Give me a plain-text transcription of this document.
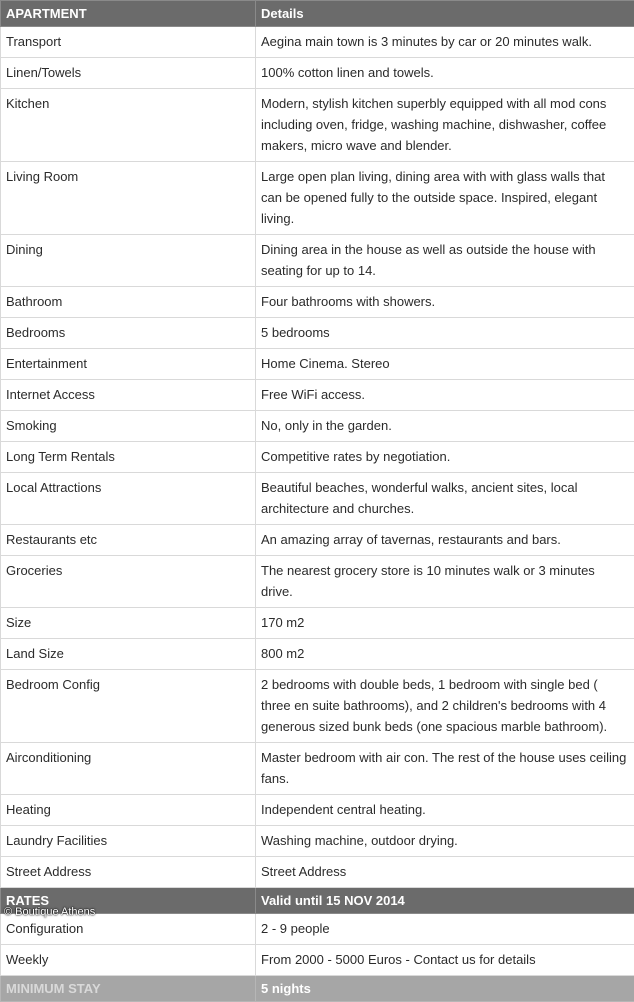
APARTMENT	Details
Transport	Aegina main town is 3 minutes by car or 20 minutes walk.
Linen/Towels	100% cotton linen and towels.
Kitchen	Modern, stylish kitchen superbly equipped with all mod cons including oven, fridge, washing machine, dishwasher, coffee makers, micro wave and blender.
Living Room	Large open plan living, dining area with with glass walls that can be opened fully to the outside space. Inspired, elegant living.
Dining	Dining area in the house as well as outside the house with seating for up to 14.
Bathroom	Four bathrooms with showers.
Bedrooms	5 bedrooms
Entertainment	Home Cinema. Stereo
Internet Access	Free WiFi access.
Smoking	No, only in the garden.
Long Term Rentals	Competitive rates by negotiation.
Local Attractions	Beautiful beaches, wonderful walks, ancient sites, local architecture and churches.
Restaurants etc	An amazing array of tavernas, restaurants and bars.
Groceries	The nearest grocery store is 10 minutes walk or 3 minutes drive.
Size	170 m2
Land Size	800 m2
Bedroom Config	2 bedrooms with double beds, 1 bedroom with single bed ( three en suite bathrooms), and 2 children's bedrooms with 4 generous sized bunk beds (one spacious marble bathroom).
Airconditioning	Master bedroom with air con. The rest of the house uses ceiling fans.
Heating	Independent central heating.
Laundry Facilities	Washing machine, outdoor drying.
Street Address	Street Address
RATES	Valid until 15 NOV 2014
Configuration	2 - 9 people
Weekly	From 2000 - 5000 Euros - Contact us for details
MINIMUM STAY	5 nights
© Boutique Athens
